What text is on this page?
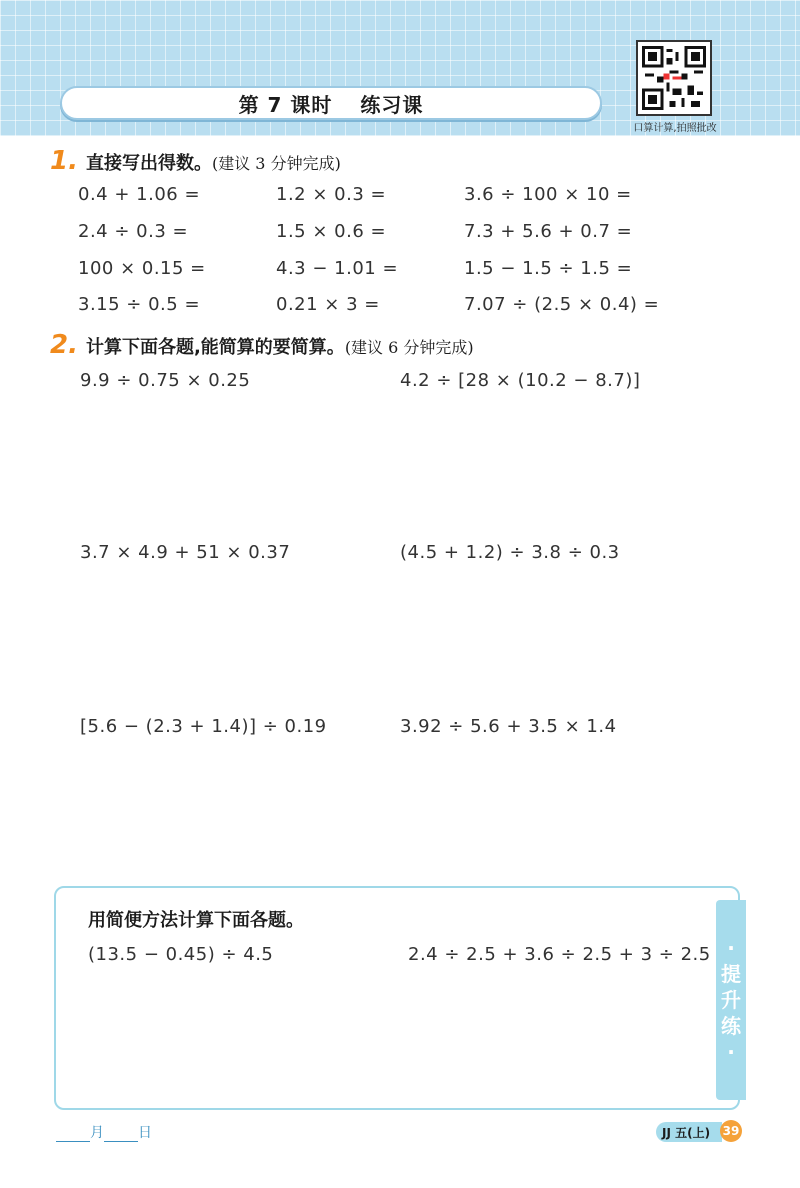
第 7 课时 练习课
口算计算,拍照批改
1. 直接写出得数。 (建议 3 分钟完成)
0.4 + 1.06 =	1.2 × 0.3 =	3.6 ÷ 100 × 10 =
2.4 ÷ 0.3 =	1.5 × 0.6 =	7.3 + 5.6 + 0.7 =
100 × 0.15 =	4.3 − 1.01 =	1.5 − 1.5 ÷ 1.5 =
3.15 ÷ 0.5 =	0.21 × 3 =	7.07 ÷ (2.5 × 0.4) =
2. 计算下面各题,能简算的要简算。 (建议 6 分钟完成)
9.9 ÷ 0.75 × 0.25	4.2 ÷ [28 × (10.2 − 8.7)]
3.7 × 4.9 + 51 × 0.37	(4.5 + 1.2) ÷ 3.8 ÷ 0.3
[5.6 − (2.3 + 1.4)] ÷ 0.19	3.92 ÷ 5.6 + 3.5 × 1.4
·
提
升
练
·
用简便方法计算下面各题。
(13.5 − 0.45) ÷ 4.5	2.4 ÷ 2.5 + 3.6 ÷ 2.5 + 3 ÷ 2.5
月 日	JJ 五(上)	39
